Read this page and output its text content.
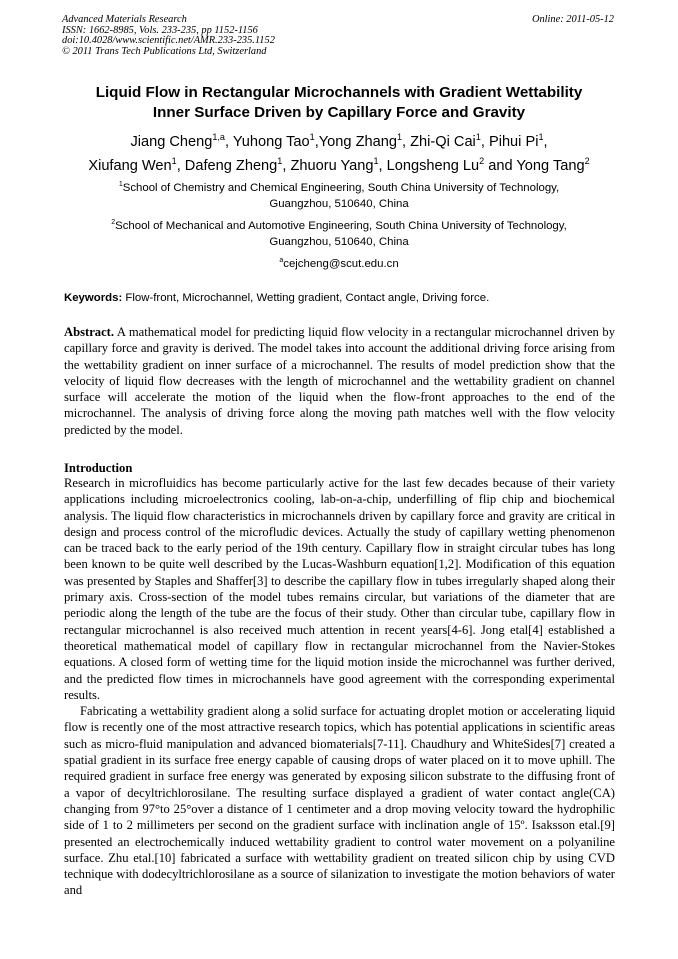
Advanced Materials Research
ISSN: 1662-8985, Vols. 233-235, pp 1152-1156
doi:10.4028/www.scientific.net/AMR.233-235.1152
© 2011 Trans Tech Publications Ltd, Switzerland
Online: 2011-05-12
Liquid Flow in Rectangular Microchannels with Gradient Wettability
Inner Surface Driven by Capillary Force and Gravity
Jiang Cheng$^{1,a}$, Yuhong Tao$^1$,Yong Zhang$^1$, Zhi-Qi Cai$^1$, Pihui Pi$^1$,
Xiufang Wen$^1$, Dafeng Zheng$^1$, Zhuoru Yang$^1$, Longsheng Lu$^2$ and Yong Tang$^2$
$^1$School of Chemistry and Chemical Engineering, South China University of Technology,
Guangzhou, 510640, China
$^2$School of Mechanical and Automotive Engineering, South China University of Technology,
Guangzhou, 510640, China
$^a$cejcheng@scut.edu.cn
Keywords: Flow-front, Microchannel, Wetting gradient, Contact angle, Driving force.

Abstract. A mathematical model for predicting liquid flow velocity in a rectangular microchannel driven by capillary force and gravity is derived. The model takes into account the additional driving force arising from the wettability gradient on inner surface of a microchannel. The results of model prediction show that the velocity of liquid flow decreases with the length of microchannel and the wettability gradient on channel surface will accelerate the motion of the liquid when the flow-front approaches to the end of the microchannel. The analysis of driving force along the moving path matches well with the flow velocity predicted by the model.

Introduction

Research in microfluidics has become particularly active for the last few decades because of their variety applications including microelectronics cooling, lab-on-a-chip, underfilling of flip chip and biochemical analysis. The liquid flow characteristics in microchannels driven by capillary force and gravity are critical in design and process control of the microfludic devices. Actually the study of capillary wetting phenomenon can be traced back to the early period of the 19th century. Capillary flow in straight circular tubes has long been known to be quite well described by the Lucas-Washburn equation[1,2]. Modification of this equation was presented by Staples and Shaffer[3] to describe the capillary flow in tubes irregularly shaped along their primary axis. Cross-section of the model tubes remains circular, but variations of the diameter that are periodic along the length of the tube are the focus of their study. Other than circular tube, capillary flow in rectangular microchannel is also received much attention in recent years[4-6]. Jong etal[4] established a theoretical mathematical model of capillary flow in rectangular microchannel from the Navier-Stokes equations. A closed form of wetting time for the liquid motion inside the microchannel was further derived, and the predicted flow times in microchannels have good agreement with the corresponding experimental results.

Fabricating a wettability gradient along a solid surface for actuating droplet motion or accelerating liquid flow is recently one of the most attractive research topics, which has potential applications in scientific areas such as micro-fluid manipulation and advanced biomaterials[7-11]. Chaudhury and WhiteSides[7] created a spatial gradient in its surface free energy capable of causing drops of water placed on it to move uphill. The required gradient in surface free energy was generated by exposing silicon substrate to the diffusing front of a vapor of decyltrichlorosilane. The resulting surface displayed a gradient of water contact angle(CA) changing from 97°to 25°over a distance of 1 centimeter and a drop moving velocity toward the hydrophilic side of 1 to 2 millimeters per second on the gradient surface with inclination angle of 15º. Isaksson etal.[9] presented an electrochemically induced wettability gradient to control water movement on a polyaniline surface. Zhu etal.[10] fabricated a surface with wettability gradient on treated silicon chip by using CVD technique with dodecyltrichlorosilane as a source of silanization to investigate the motion behaviors of water and
